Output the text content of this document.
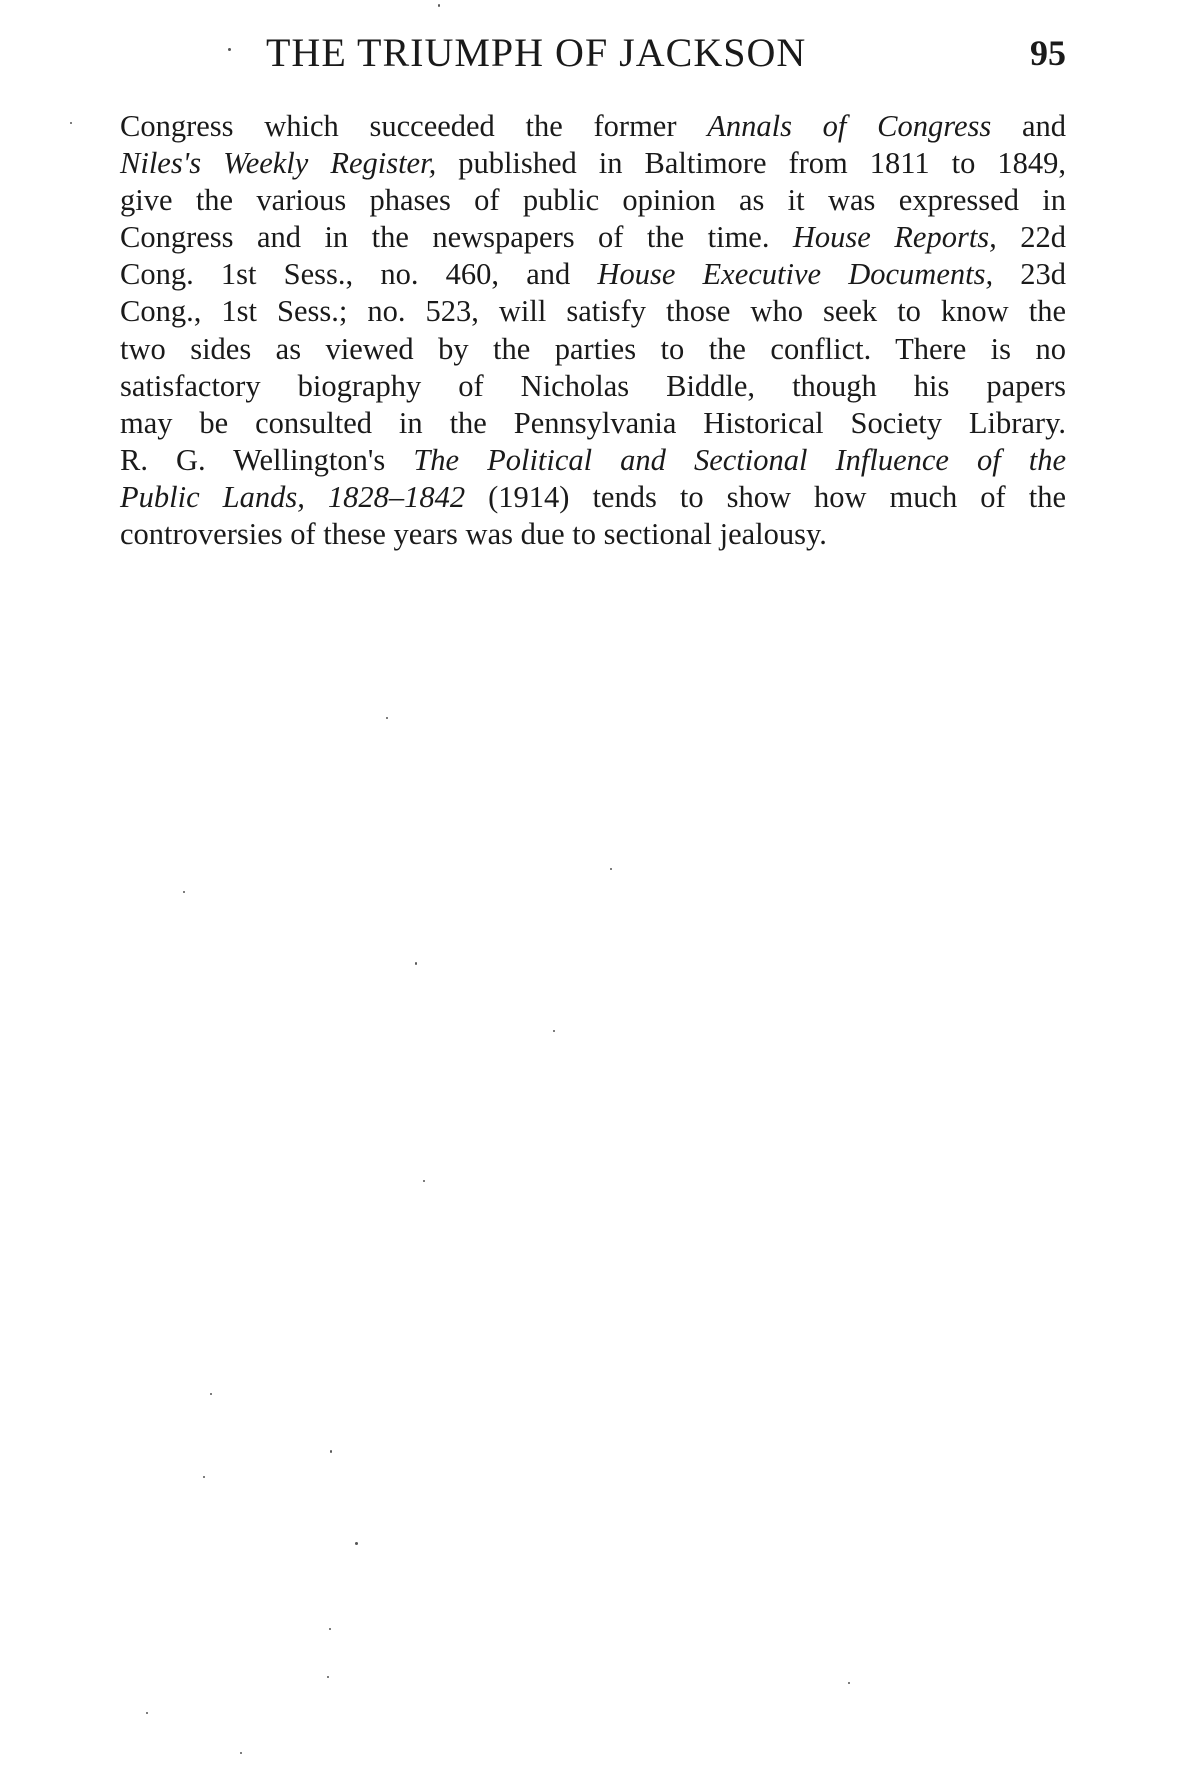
THE TRIUMPH OF JACKSON	95
Congress which succeeded the former Annals of Congress and
Niles's Weekly Register, published in Baltimore from 1811 to 1849,
give the various phases of public opinion as it was expressed in
Congress and in the newspapers of the time. House Reports, 22d
Cong. 1st Sess., no. 460, and House Executive Documents, 23d
Cong., 1st Sess.; no. 523, will satisfy those who seek to know the
two sides as viewed by the parties to the conflict. There is no
satisfactory biography of Nicholas Biddle, though his papers
may be consulted in the Pennsylvania Historical Society Library.
R. G. Wellington's The Political and Sectional Influence of the
Public Lands, 1828–1842 (1914) tends to show how much of the
controversies of these years was due to sectional jealousy.
